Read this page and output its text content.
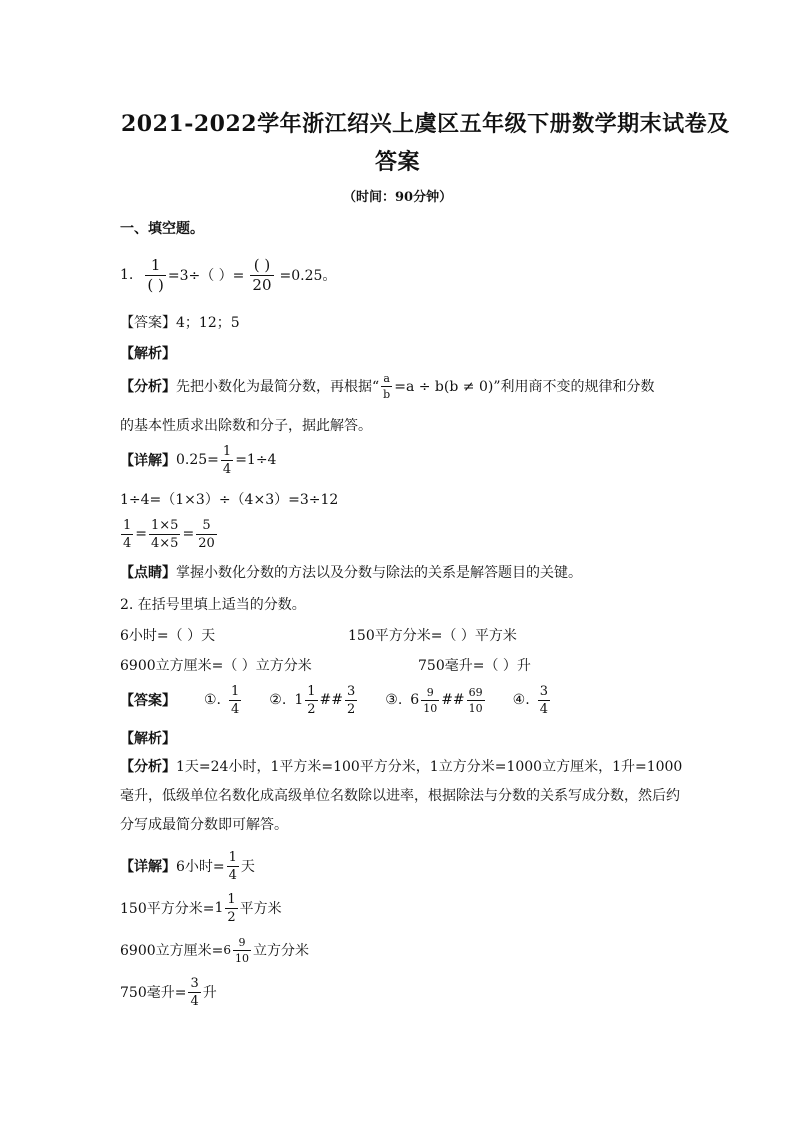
2021-2022学年浙江绍兴上虞区五年级下册数学期末试卷及
答案
（时间：90分钟）
一、填空题。
1. $\frac{1}{( )} =3\div$（ ）= $\frac{( )}{20} =0.25$。
【答案】4；12；5
【解析】
【分析】 先把小数化为最简分数，再根据“ $\frac{a}{b} =a \div b(b \ne 0)$”利用商不变的规律和分数
的基本性质求出除数和分子，据此解答。
【详解】 $0.25= \frac{1}{4} =1\div 4$
1÷4=（1×3）÷（4×3）=3÷12
$\frac{1}{4} = \frac{1\times 5}{4\times 5} = \frac{5}{20}$
【点睛】掌握小数化分数的方法以及分数与除法的关系是解答题目的关键。
2. 在括号里填上适当的分数。
6小时=（ ）天	150平方分米=（ ）平方米
6900立方厘米=（ ）立方分米	750毫升=（ ）升
【答案】 ①. $\frac{1}{4}$ ②. $1 \frac{1}{2}$ ## $\frac{3}{2}$ ③. $6 \frac{9}{10}$ ## $\frac{69}{10}$ ④. $\frac{3}{4}$
【解析】
【分析】1天=24小时，1平方米=100平方分米，1立方分米=1000立方厘米，1升=1000
毫升，低级单位名数化成高级单位名数除以进率，根据除法与分数的关系写成分数，然后约
分写成最简分数即可解答。
【详解】 6小时= $\frac{1}{4}$ 天
150平方分米= $1 \frac{1}{2}$ 平方米
6900立方厘米= $6 \frac{9}{10}$ 立方分米
750毫升= $\frac{3}{4}$ 升
